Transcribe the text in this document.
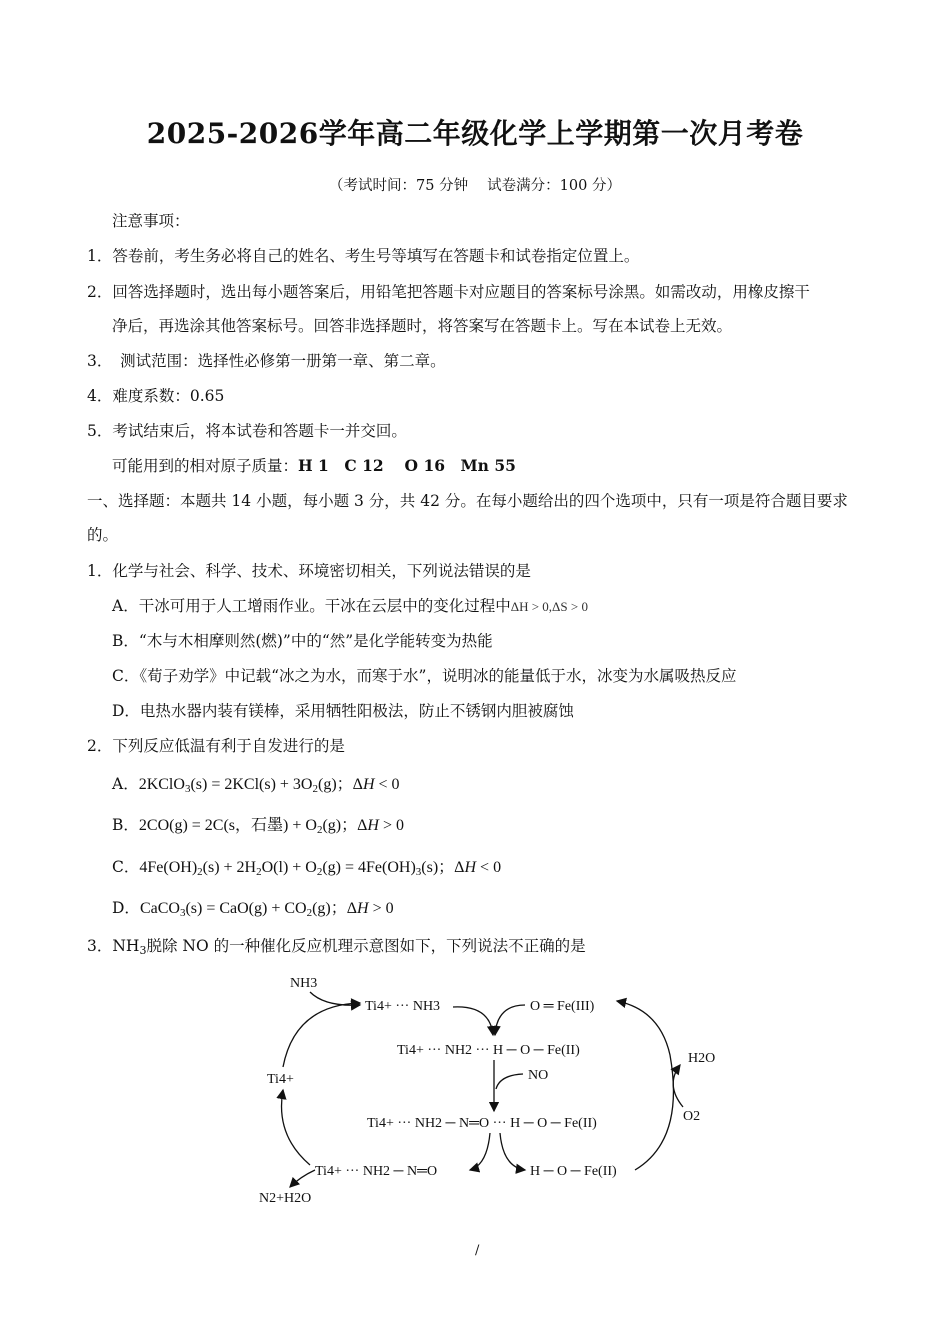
2025-2026学年高二年级化学上学期第一次月考卷
（考试时间：75 分钟　 试卷满分：100 分）
注意事项：
1．答卷前，考生务必将自己的姓名、考生号等填写在答题卡和试卷指定位置上。
2．回答选择题时，选出每小题答案后，用铅笔把答题卡对应题目的答案标号涂黑。如需改动，用橡皮擦干
净后，再选涂其他答案标号。回答非选择题时，将答案写在答题卡上。写在本试卷上无效。
3．　测试范围：选择性必修第一册第一章、第二章。
4．难度系数：0.65
5．考试结束后，将本试卷和答题卡一并交回。
可能用到的相对原子质量：H 1　C 12　 O 16　Mn 55
一、选择题：本题共 14 小题，每小题 3 分，共 42 分。在每小题给出的四个选项中，只有一项是符合题目要求
的。
1．化学与社会、科学、技术、环境密切相关，下列说法错误的是
A．干冰可用于人工增雨作业。干冰在云层中的变化过程中ΔH > 0,ΔS > 0
B．“木与木相摩则然(燃)”中的“然”是化学能转变为热能
C．《荀子劝学》中记载“冰之为水，而寒于水”，说明冰的能量低于水，冰变为水属吸热反应
D．电热水器内装有镁棒，采用牺牲阳极法，防止不锈钢内胆被腐蚀
2．下列反应低温有利于自发进行的是
A．2KClO$_3$(s) = $2KCl(s) + 3O_2(g)$；ΔH < 0
B．2CO(g) = 2C(s，石墨) + $O_2(g)$；ΔH > 0
C．$4Fe(OH)_2(s) + 2H_2O(l) + O_2(g) = 4Fe(OH)_3(s)$；ΔH < 0
D．CaCO$_3$(s) = $CaO(g) + CO_2(g)$；ΔH > 0
3．$NH_3$脱除 NO 的一种催化反应机理示意图如下，下列说法不正确的是
NH3
Ti4+ ··· NH3	O ═ Fe(III)
Ti4+ ··· NH2 ··· H ─ O ─ Fe(II)
Ti4+	NO
H2O
O2
Ti4+ ··· NH2 ─ N═O ··· H ─ O ─ Fe(II)
Ti4+ ··· NH2 ─ N═O	H ─ O ─ Fe(II)
N2+H2O
/
